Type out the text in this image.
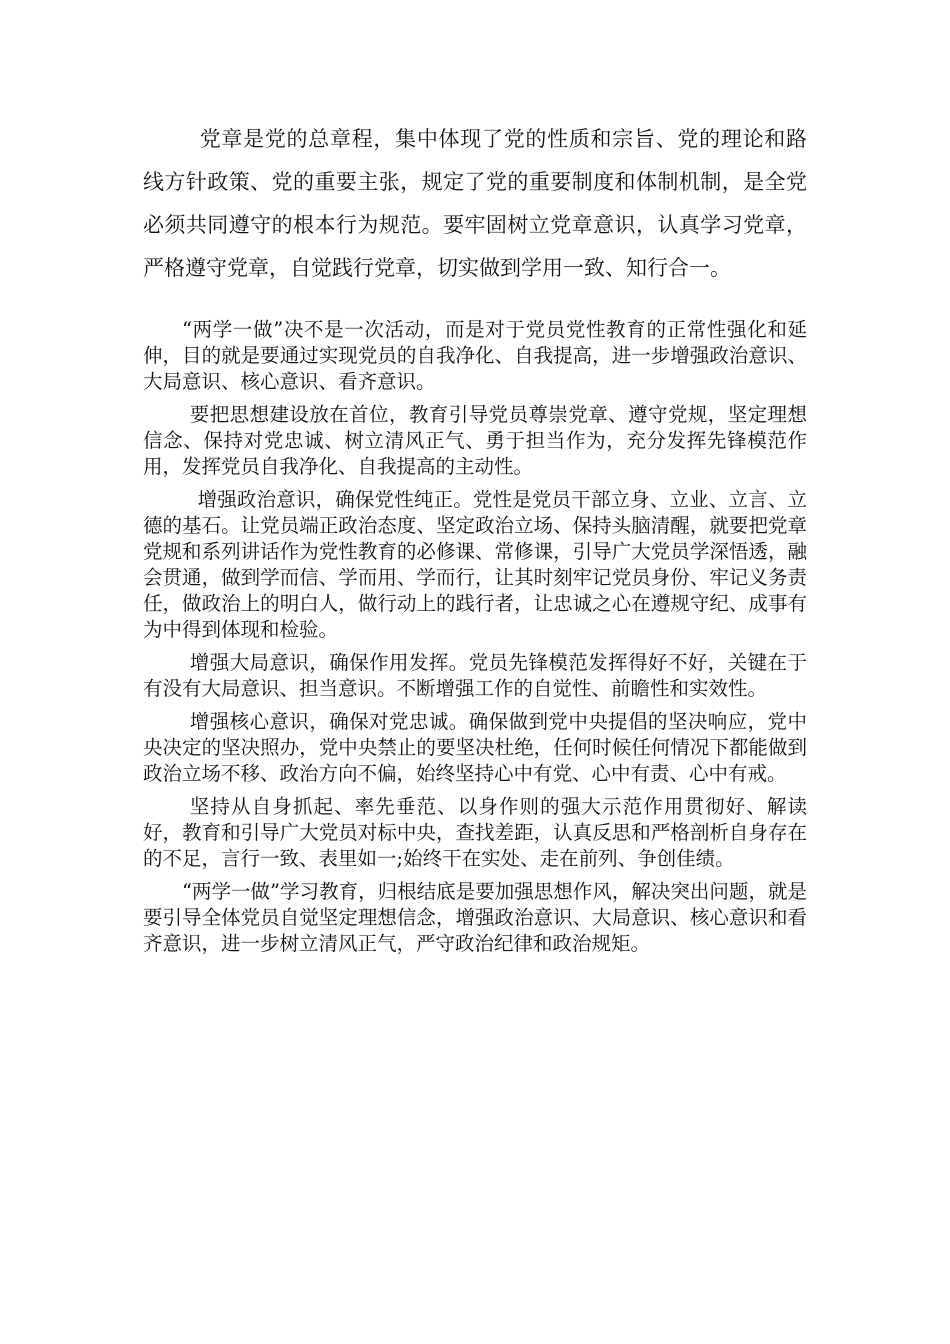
党章是党的总章程，集中体现了党的性质和宗旨、党的理论和路线方针政策、党的重要主张，规定了党的重要制度和体制机制，是全党必须共同遵守的根本行为规范。要牢固树立党章意识，认真学习党章，严格遵守党章，自觉践行党章，切实做到学用一致、知行合一。

“两学一做”决不是一次活动，而是对于党员党性教育的正常性强化和延伸，目的就是要通过实现党员的自我净化、自我提高，进一步增强政治意识、大局意识、核心意识、看齐意识。

要把思想建设放在首位，教育引导党员尊崇党章、遵守党规，坚定理想信念、保持对党忠诚、树立清风正气、勇于担当作为，充分发挥先锋模范作用，发挥党员自我净化、自我提高的主动性。

增强政治意识，确保党性纯正。党性是党员干部立身、立业、立言、立德的基石。让党员端正政治态度、坚定政治立场、保持头脑清醒，就要把党章党规和系列讲话作为党性教育的必修课、常修课，引导广大党员学深悟透，融会贯通，做到学而信、学而用、学而行，让其时刻牢记党员身份、牢记义务责任，做政治上的明白人，做行动上的践行者，让忠诚之心在遵规守纪、成事有为中得到体现和检验。

增强大局意识，确保作用发挥。党员先锋模范发挥得好不好，关键在于有没有大局意识、担当意识。不断增强工作的自觉性、前瞻性和实效性。

增强核心意识，确保对党忠诚。确保做到党中央提倡的坚决响应，党中央决定的坚决照办，党中央禁止的要坚决杜绝，任何时候任何情况下都能做到政治立场不移、政治方向不偏，始终坚持心中有党、心中有责、心中有戒。

坚持从自身抓起、率先垂范、以身作则的强大示范作用贯彻好、解读好，教育和引导广大党员对标中央，查找差距，认真反思和严格剖析自身存在的不足，言行一致、表里如一;始终干在实处、走在前列、争创佳绩。

“两学一做”学习教育，归根结底是要加强思想作风，解决突出问题，就是要引导全体党员自觉坚定理想信念，增强政治意识、大局意识、核心意识和看齐意识，进一步树立清风正气，严守政治纪律和政治规矩。
